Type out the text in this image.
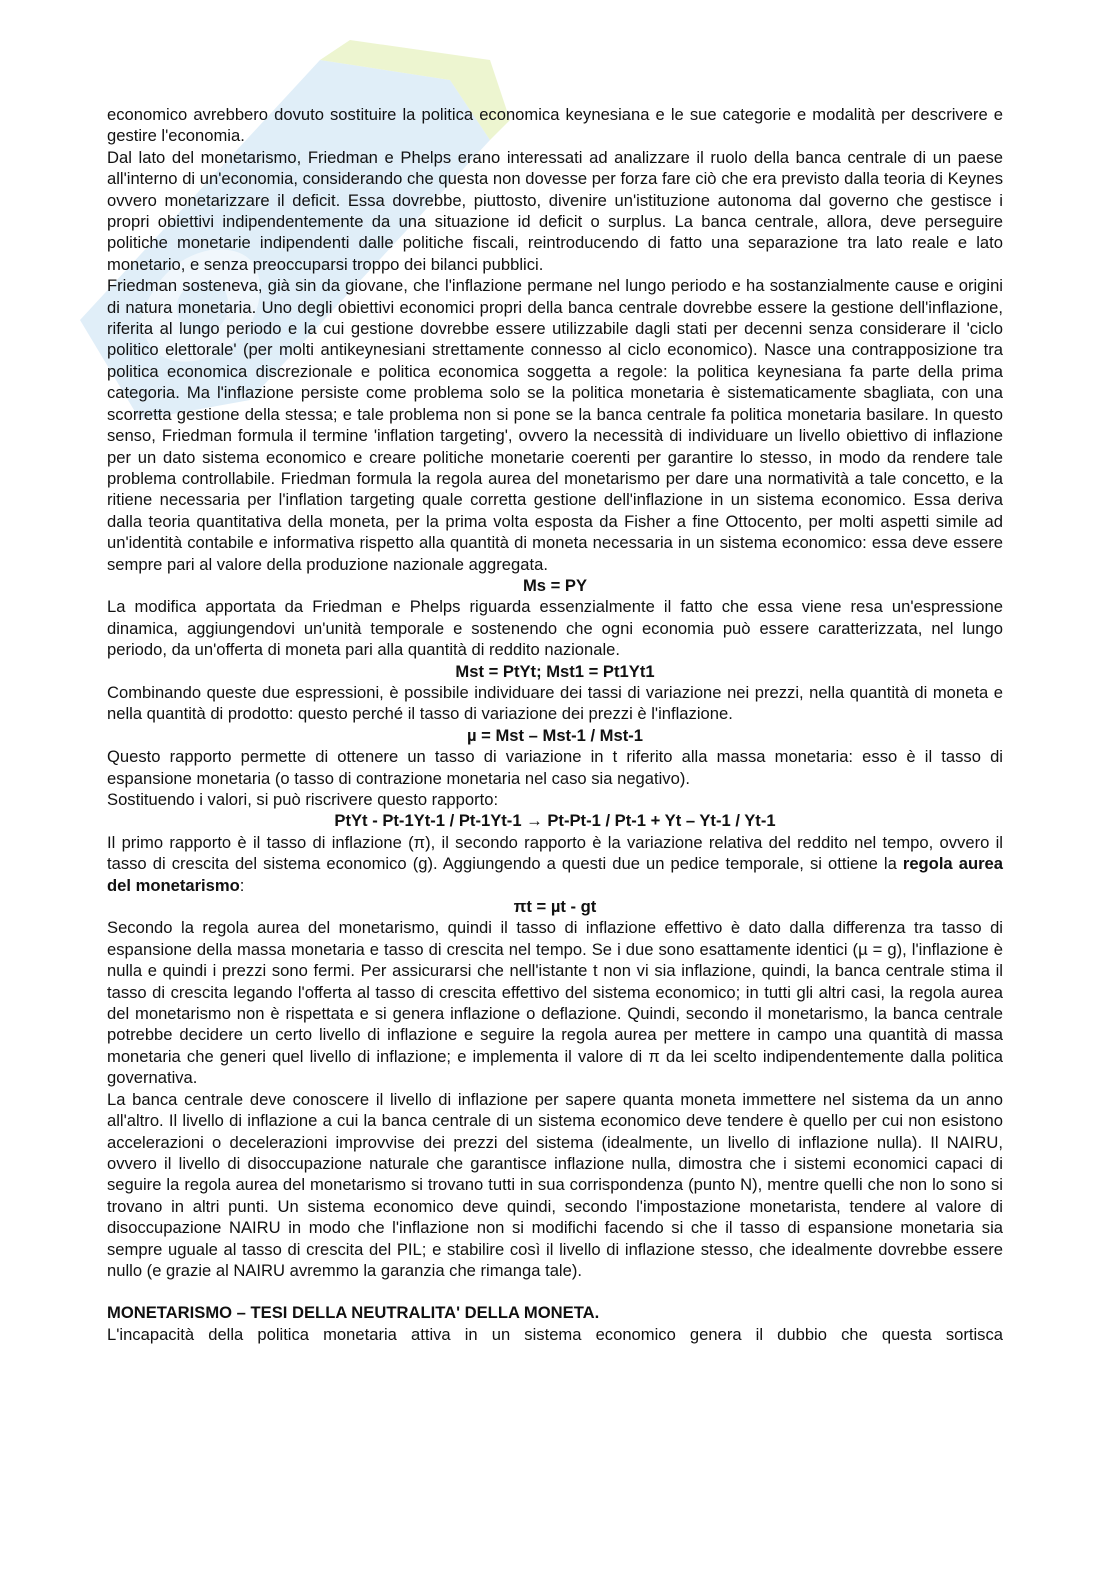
economico avrebbero dovuto sostituire la politica economica keynesiana e le sue categorie e modalità per descrivere e gestire l'economia.

Dal lato del monetarismo, Friedman e Phelps erano interessati ad analizzare il ruolo della banca centrale di un paese all'interno di un'economia, considerando che questa non dovesse per forza fare ciò che era previsto dalla teoria di Keynes ovvero monetarizzare il deficit. Essa dovrebbe, piuttosto, divenire un'istituzione autonoma dal governo che gestisce i propri obiettivi indipendentemente da una situazione id deficit o surplus. La banca centrale, allora, deve perseguire politiche monetarie indipendenti dalle politiche fiscali, reintroducendo di fatto una separazione tra lato reale e lato monetario, e senza preoccuparsi troppo dei bilanci pubblici.

Friedman sosteneva, già sin da giovane, che l'inflazione permane nel lungo periodo e ha sostanzialmente cause e origini di natura monetaria. Uno degli obiettivi economici propri della banca centrale dovrebbe essere la gestione dell'inflazione, riferita al lungo periodo e la cui gestione dovrebbe essere utilizzabile dagli stati per decenni senza considerare il 'ciclo politico elettorale' (per molti antikeynesiani strettamente connesso al ciclo economico). Nasce una contrapposizione tra politica economica discrezionale e politica economica soggetta a regole: la politica keynesiana fa parte della prima categoria. Ma l'inflazione persiste come problema solo se la politica monetaria è sistematicamente sbagliata, con una scorretta gestione della stessa; e tale problema non si pone se la banca centrale fa politica monetaria basilare. In questo senso, Friedman formula il termine 'inflation targeting', ovvero la necessità di individuare un livello obiettivo di inflazione per un dato sistema economico e creare politiche monetarie coerenti per garantire lo stesso, in modo da rendere tale problema controllabile. Friedman formula la regola aurea del monetarismo per dare una normatività a tale concetto, e la ritiene necessaria per l'inflation targeting quale corretta gestione dell'inflazione in un sistema economico. Essa deriva dalla teoria quantitativa della moneta, per la prima volta esposta da Fisher a fine Ottocento, per molti aspetti simile ad un'identità contabile e informativa rispetto alla quantità di moneta necessaria in un sistema economico: essa deve essere sempre pari al valore della produzione nazionale aggregata.

Ms = PY

La modifica apportata da Friedman e Phelps riguarda essenzialmente il fatto che essa viene resa un'espressione dinamica, aggiungendovi un'unità temporale e sostenendo che ogni economia può essere caratterizzata, nel lungo periodo, da un'offerta di moneta pari alla quantità di reddito nazionale.

Mst = PtYt; Mst1 = Pt1Yt1

Combinando queste due espressioni, è possibile individuare dei tassi di variazione nei prezzi, nella quantità di moneta e nella quantità di prodotto: questo perché il tasso di variazione dei prezzi è l'inflazione.

µ = Mst – Mst-1 / Mst-1

Questo rapporto permette di ottenere un tasso di variazione in t riferito alla massa monetaria: esso è il tasso di espansione monetaria (o tasso di contrazione monetaria nel caso sia negativo).

Sostituendo i valori, si può riscrivere questo rapporto:

PtYt - Pt-1Yt-1 / Pt-1Yt-1 → Pt-Pt-1 / Pt-1 + Yt – Yt-1 / Yt-1

Il primo rapporto è il tasso di inflazione (π), il secondo rapporto è la variazione relativa del reddito nel tempo, ovvero il tasso di crescita del sistema economico (g). Aggiungendo a questi due un pedice temporale, si ottiene la regola aurea del monetarismo:

πt = µt - gt

Secondo la regola aurea del monetarismo, quindi il tasso di inflazione effettivo è dato dalla differenza tra tasso di espansione della massa monetaria e tasso di crescita nel tempo. Se i due sono esattamente identici (µ = g), l'inflazione è nulla e quindi i prezzi sono fermi. Per assicurarsi che nell'istante t non vi sia inflazione, quindi, la banca centrale stima il tasso di crescita legando l'offerta al tasso di crescita effettivo del sistema economico; in tutti gli altri casi, la regola aurea del monetarismo non è rispettata e si genera inflazione o deflazione. Quindi, secondo il monetarismo, la banca centrale potrebbe decidere un certo livello di inflazione e seguire la regola aurea per mettere in campo una quantità di massa monetaria che generi quel livello di inflazione; e implementa il valore di π da lei scelto indipendentemente dalla politica governativa.

La banca centrale deve conoscere il livello di inflazione per sapere quanta moneta immettere nel sistema da un anno all'altro. Il livello di inflazione a cui la banca centrale di un sistema economico deve tendere è quello per cui non esistono accelerazioni o decelerazioni improvvise dei prezzi del sistema (idealmente, un livello di inflazione nulla). Il NAIRU, ovvero il livello di disoccupazione naturale che garantisce inflazione nulla, dimostra che i sistemi economici capaci di seguire la regola aurea del monetarismo si trovano tutti in sua corrispondenza (punto N), mentre quelli che non lo sono si trovano in altri punti. Un sistema economico deve quindi, secondo l'impostazione monetarista, tendere al valore di disoccupazione NAIRU in modo che l'inflazione non si modifichi facendo si che il tasso di espansione monetaria sia sempre uguale al tasso di crescita del PIL; e stabilire così il livello di inflazione stesso, che idealmente dovrebbe essere nullo (e grazie al NAIRU avremmo la garanzia che rimanga tale).

MONETARISMO – TESI DELLA NEUTRALITA' DELLA MONETA.

L'incapacità della politica monetaria attiva in un sistema economico genera il dubbio che questa sortisca
